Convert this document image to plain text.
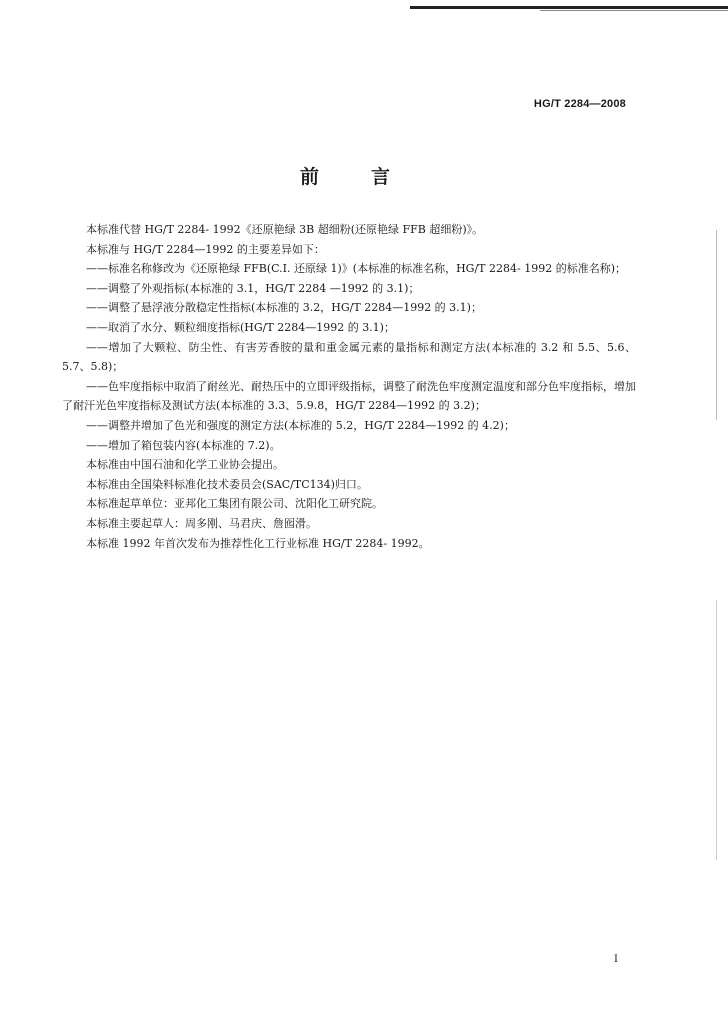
HG/T 2284—2008
前	言

本标准代替 HG/T 2284- 1992《还原艳绿 3B 超细粉(还原艳绿 FFB 超细粉)》。

本标准与 HG/T 2284—1992 的主要差异如下：

——标准名称修改为《还原艳绿 FFB(C.I. 还原绿 1)》(本标准的标准名称，HG/T 2284- 1992 的标准名称)；

——调整了外观指标(本标准的 3.1，HG/T 2284 —1992 的 3.1)；

——调整了悬浮液分散稳定性指标(本标准的 3.2，HG/T 2284—1992 的 3.1)；

——取消了水分、颗粒细度指标(HG/T 2284—1992 的 3.1)；

——增加了大颗粒、防尘性、有害芳香胺的量和重金属元素的量指标和测定方法(本标准的 3.2 和 5.5、5.6、5.7、5.8)；

——色牢度指标中取消了耐丝光、耐热压中的立即评级指标，调整了耐洗色牢度测定温度和部分色牢度指标，增加了耐汗光色牢度指标及测试方法(本标准的 3.3、5.9.8，HG/T 2284—1992 的 3.2)；

——调整并增加了色光和强度的测定方法(本标准的 5.2，HG/T 2284—1992 的 4.2)；

——增加了箱包装内容(本标准的 7.2)。

本标准由中国石油和化学工业协会提出。

本标准由全国染料标准化技术委员会(SAC/TC134)归口。

本标准起草单位：亚邦化工集团有限公司、沈阳化工研究院。

本标准主要起草人：周多刚、马君庆、詹囮滑。

本标准 1992 年首次发布为推荐性化工行业标准 HG/T 2284- 1992。

I
